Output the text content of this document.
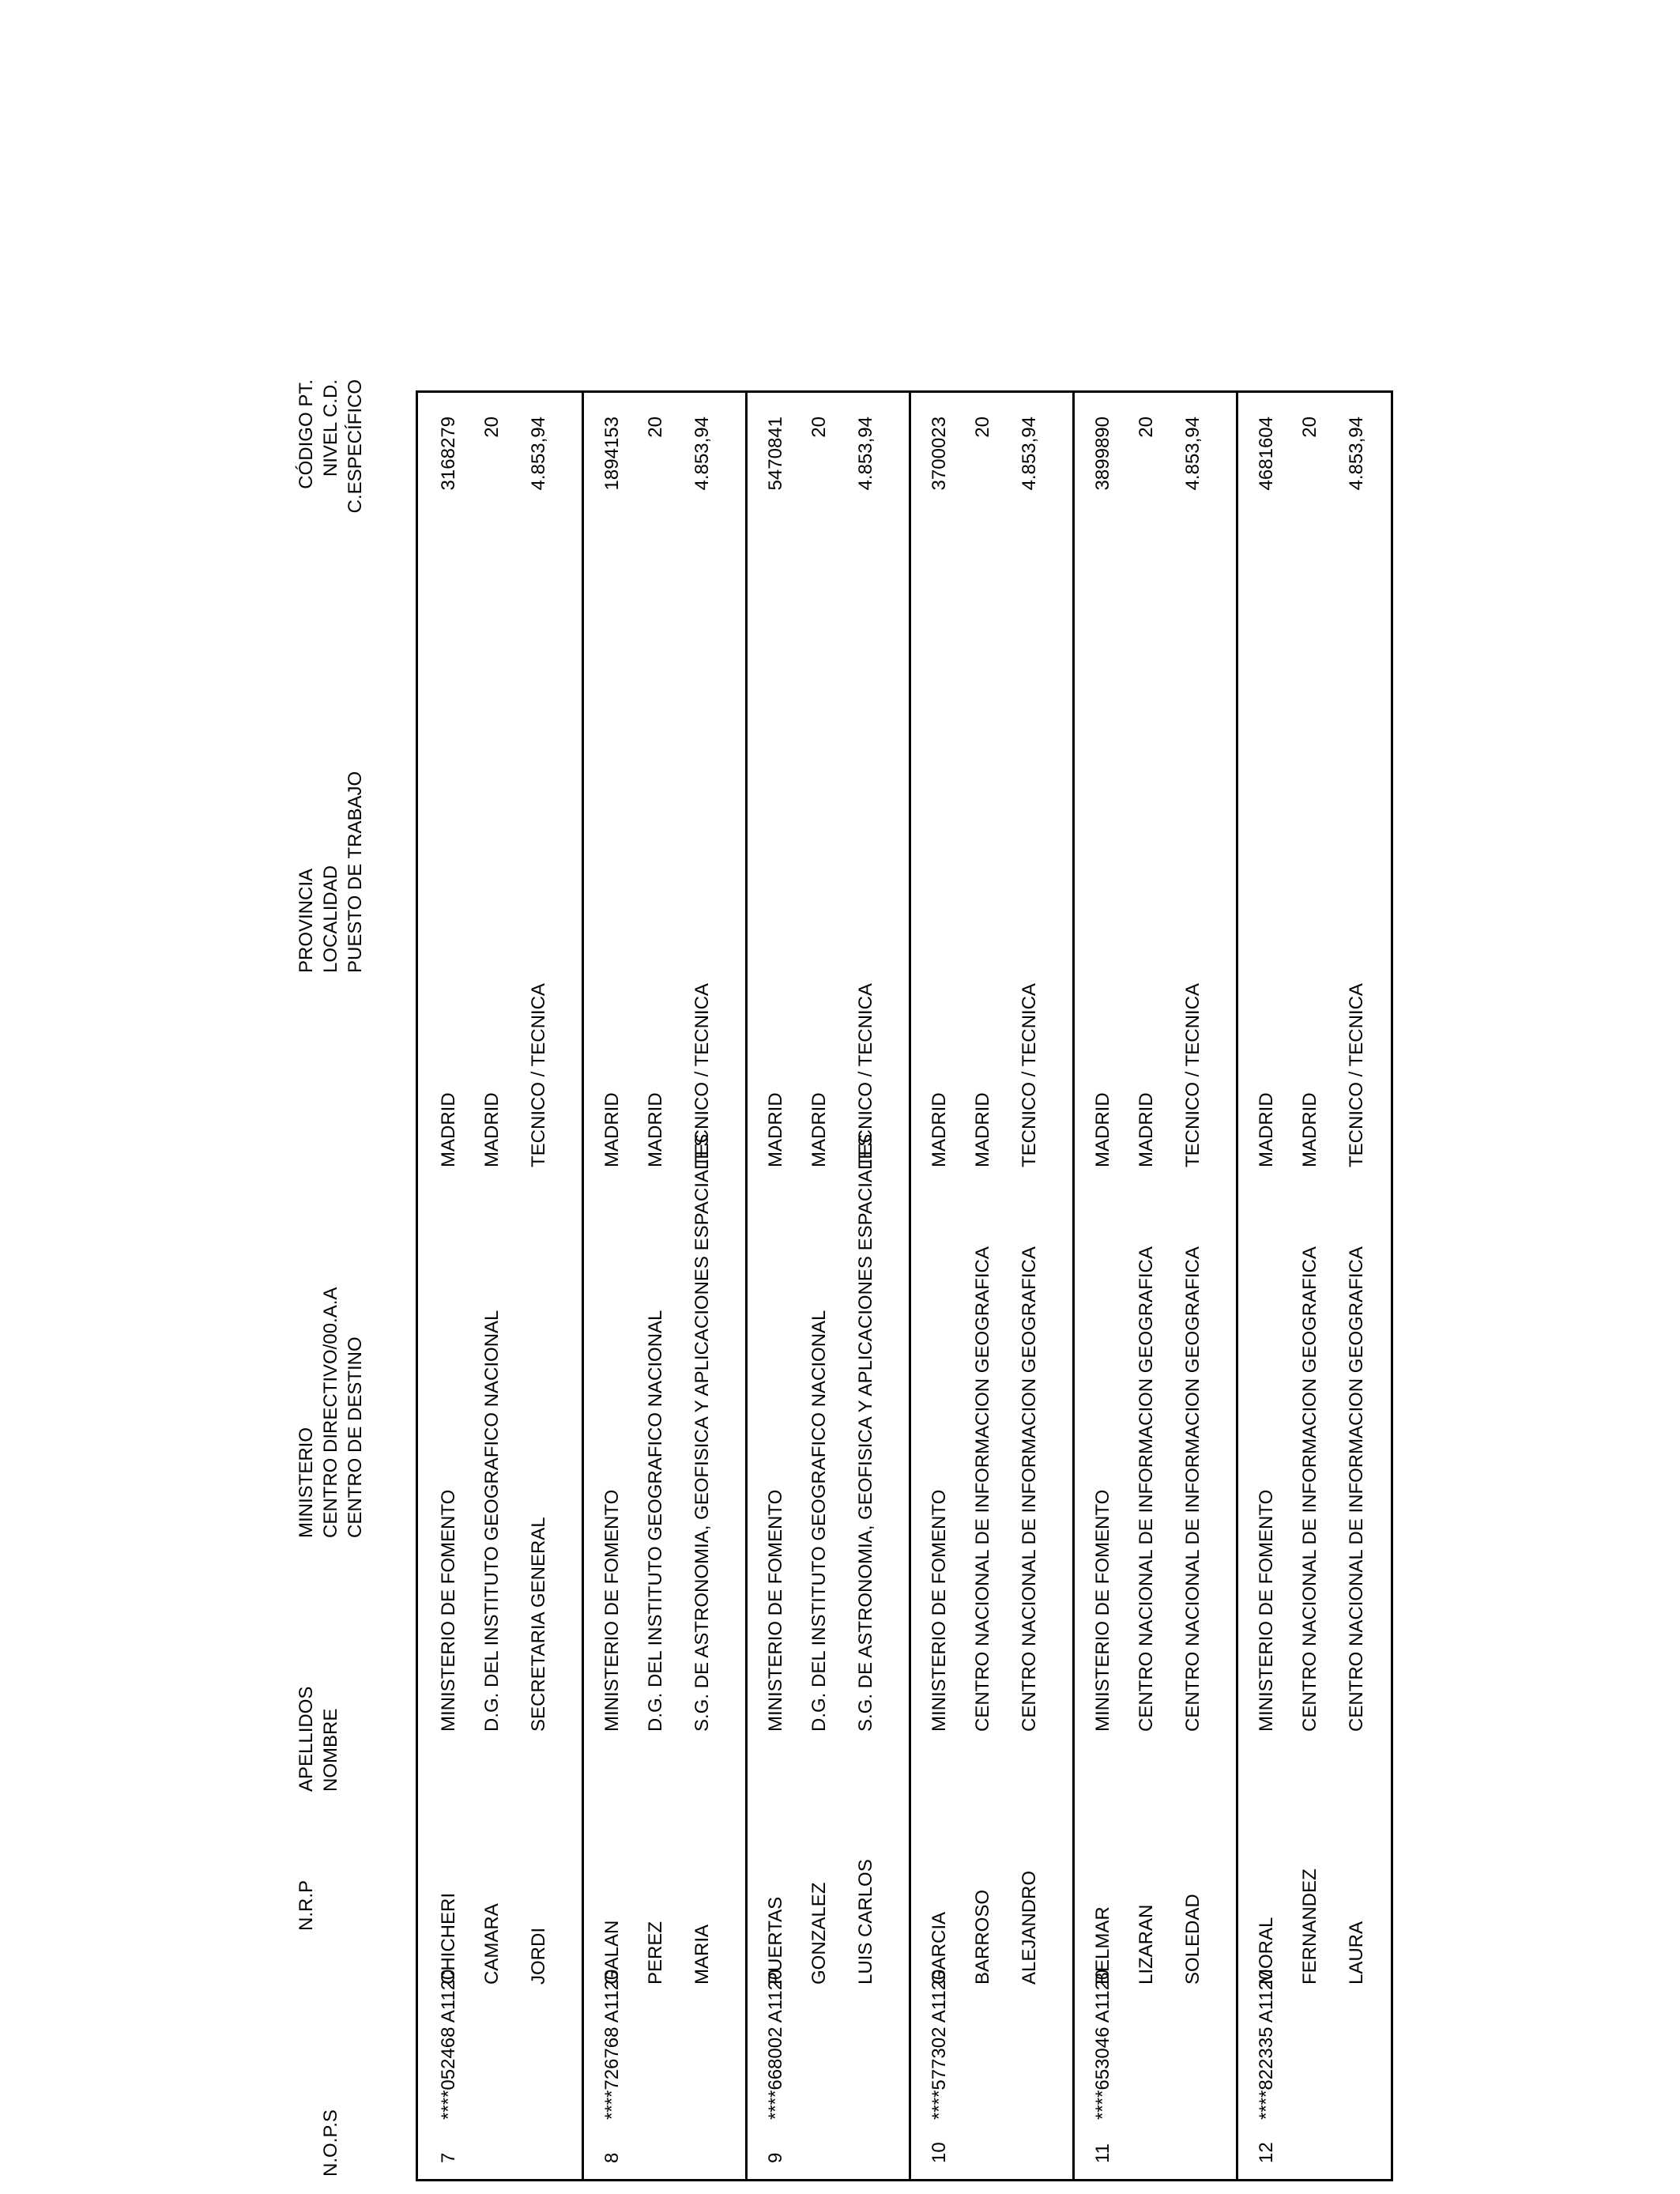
N.O.P.S
N.R.P
APELLIDOS NOMBRE
MINISTERIO CENTRO DIRECTIVO/00.A.A CENTRO DE DESTINO
PROVINCIA LOCALIDAD PUESTO DE TRABAJO
CÓDIGO PT. NIVEL C.D. C.ESPECÍFICO
7
****052468 A1120
CHICHERI CAMARA JORDI
MINISTERIO DE FOMENTO D.G. DEL INSTITUTO GEOGRAFICO NACIONAL SECRETARIA GENERAL
MADRID MADRID TECNICO / TECNICA
3168279 20 4.853,94
8
****726768 A1120
GALAN PEREZ MARIA
MINISTERIO DE FOMENTO D.G. DEL INSTITUTO GEOGRAFICO NACIONAL S.G. DE ASTRONOMIA, GEOFISICA Y APLICACIONES ESPACIALES
MADRID MADRID TECNICO / TECNICA
1894153 20 4.853,94
9
****668002 A1120
PUERTAS GONZALEZ LUIS CARLOS
MINISTERIO DE FOMENTO D.G. DEL INSTITUTO GEOGRAFICO NACIONAL S.G. DE ASTRONOMIA, GEOFISICA Y APLICACIONES ESPACIALES
MADRID MADRID TECNICO / TECNICA
5470841 20 4.853,94
10
****577302 A1120
GARCIA BARROSO ALEJANDRO
MINISTERIO DE FOMENTO CENTRO NACIONAL DE INFORMACION GEOGRAFICA CENTRO NACIONAL DE INFORMACION GEOGRAFICA
MADRID MADRID TECNICO / TECNICA
3700023 20 4.853,94
11
****653046 A1120
BELMAR LIZARAN SOLEDAD
MINISTERIO DE FOMENTO CENTRO NACIONAL DE INFORMACION GEOGRAFICA CENTRO NACIONAL DE INFORMACION GEOGRAFICA
MADRID MADRID TECNICO / TECNICA
3899890 20 4.853,94
12
****822335 A1120
MORAL FERNANDEZ LAURA
MINISTERIO DE FOMENTO CENTRO NACIONAL DE INFORMACION GEOGRAFICA CENTRO NACIONAL DE INFORMACION GEOGRAFICA
MADRID MADRID TECNICO / TECNICA
4681604 20 4.853,94
